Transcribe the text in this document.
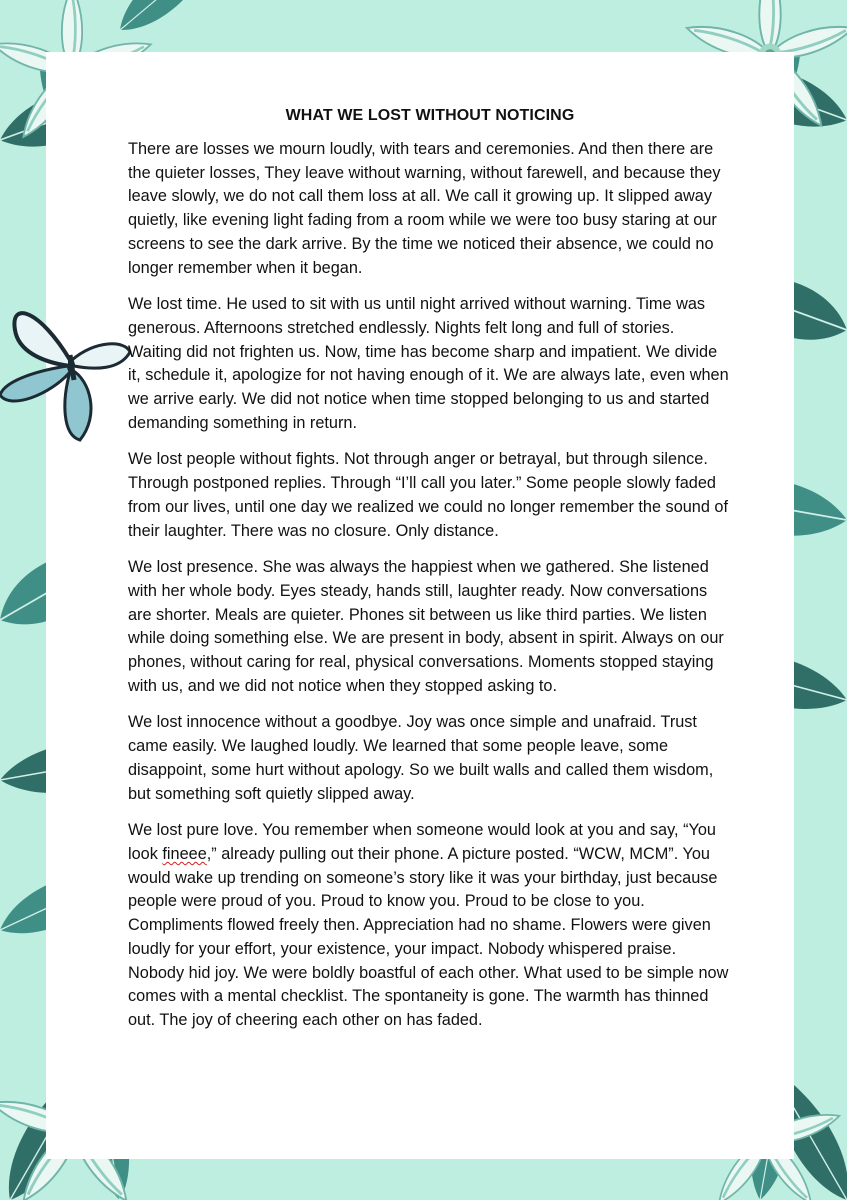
WHAT WE LOST WITHOUT NOTICING

There are losses we mourn loudly, with tears and ceremonies. And then there are the quieter losses, They leave without warning, without farewell, and because they leave slowly, we do not call them loss at all. We call it growing up. It slipped away quietly, like evening light fading from a room while we were too busy staring at our screens to see the dark arrive. By the time we noticed their absence, we could no longer remember when it began.

We lost time. He used to sit with us until night arrived without warning. Time was generous. Afternoons stretched endlessly. Nights felt long and full of stories. Waiting did not frighten us. Now, time has become sharp and impatient. We divide it, schedule it, apologize for not having enough of it. We are always late, even when we arrive early. We did not notice when time stopped belonging to us and started demanding something in return.

We lost people without fights. Not through anger or betrayal, but through silence. Through postponed replies. Through “I’ll call you later.” Some people slowly faded from our lives, until one day we realized we could no longer remember the sound of their laughter. There was no closure. Only distance.

We lost presence. She was always the happiest when we gathered. She listened with her whole body. Eyes steady, hands still, laughter ready. Now conversations are shorter. Meals are quieter. Phones sit between us like third parties. We listen while doing something else. We are present in body, absent in spirit. Always on our phones, without caring for real, physical conversations. Moments stopped staying with us, and we did not notice when they stopped asking to.

We lost innocence without a goodbye. Joy was once simple and unafraid. Trust came easily. We laughed loudly. We learned that some people leave, some disappoint, some hurt without apology. So we built walls and called them wisdom, but something soft quietly slipped away.

We lost pure love. You remember when someone would look at you and say, “You look fineee,” already pulling out their phone. A picture posted. “WCW, MCM”. You would wake up trending on someone’s story like it was your birthday, just because people were proud of you. Proud to know you. Proud to be close to you. Compliments flowed freely then. Appreciation had no shame. Flowers were given loudly for your effort, your existence, your impact. Nobody whispered praise. Nobody hid joy. We were boldly boastful of each other. What used to be simple now comes with a mental checklist. The spontaneity is gone. The warmth has thinned out. The joy of cheering each other on has faded.
